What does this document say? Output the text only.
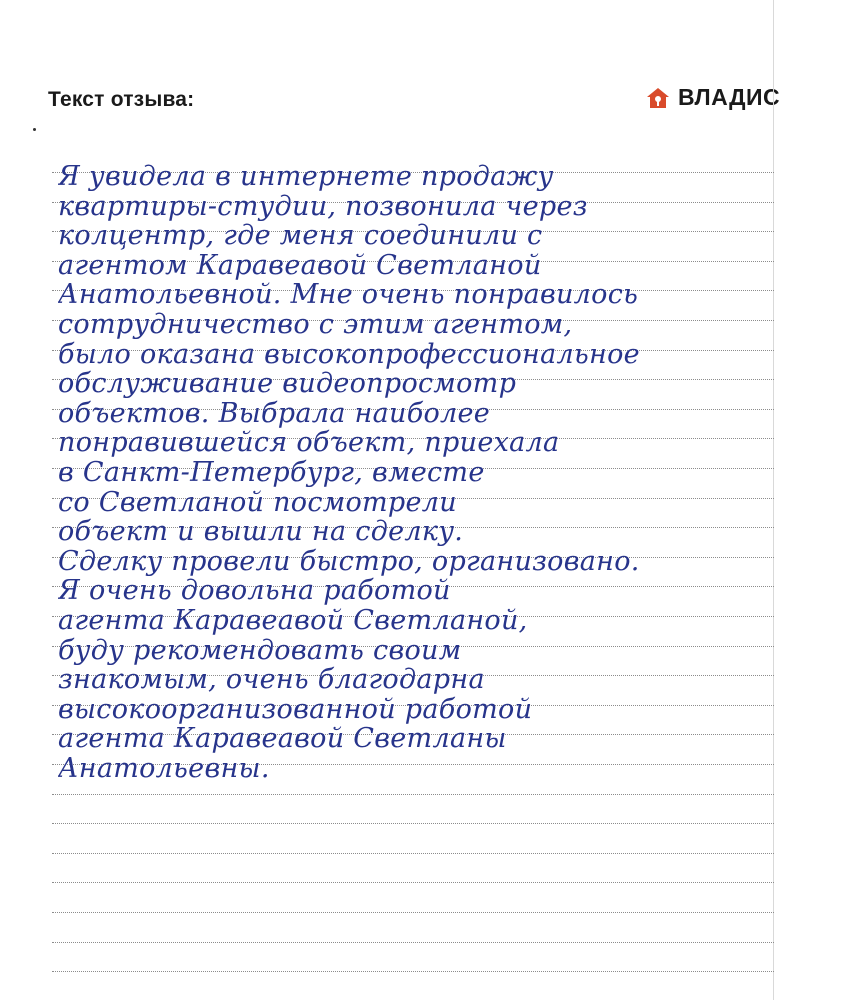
Текст отзыва:	ВЛАДИС
Я увидела в интернете продажу
квартиры-студии, позвонила через
колцентр, где меня соединили с
агентом Каравеавой Светланой
Анатольевной. Мне очень понравилось
сотрудничество с этим агентом,
было оказана высокопрофессиональное
обслуживание видеопросмотр
объектов. Выбрала наиболее
понравившейся объект, приехала
в Санкт-Петербург, вместе
со Светланой посмотрели
объект и вышли на сделку.
Сделку провели быстро, организовано.
Я очень довольна работой
агента Каравеавой Светланой,
буду рекомендовать своим
знакомым, очень благодарна
высокоорганизованной работой
агента Каравеавой Светланы
Анатольевны.
